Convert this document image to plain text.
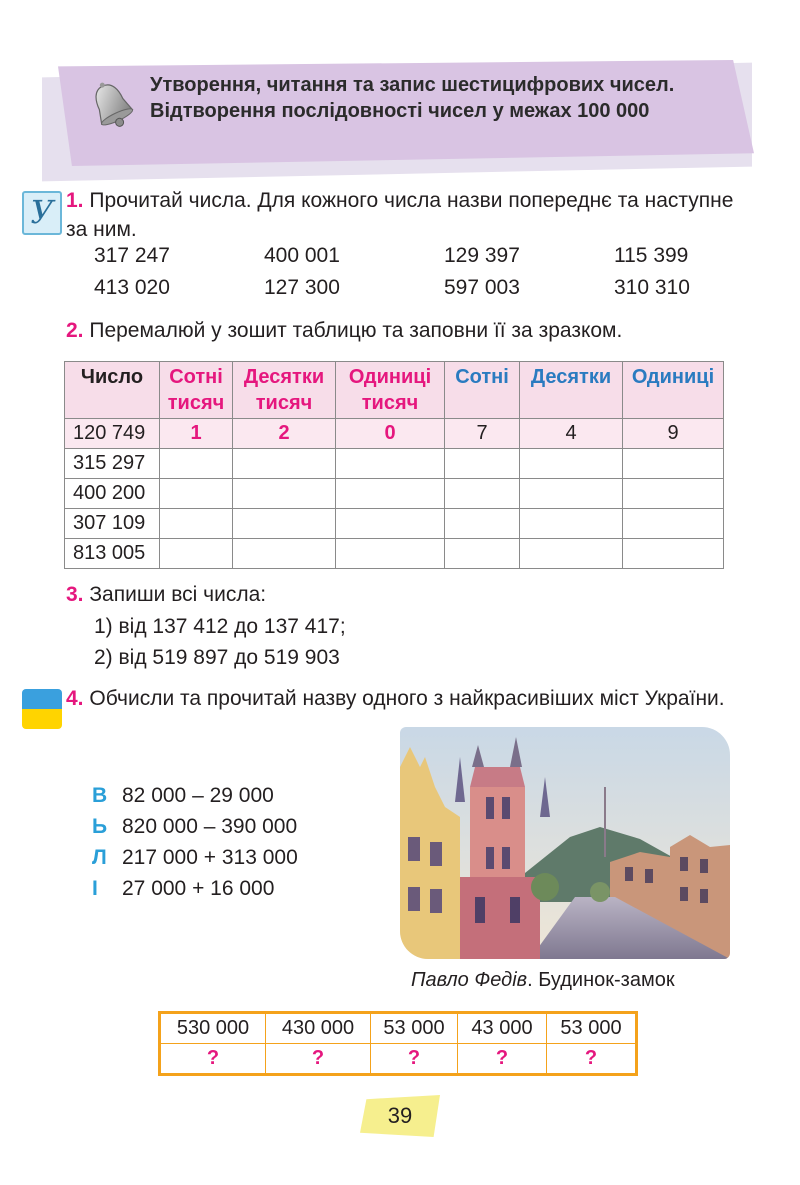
Утворення, читання та запис шестицифрових чисел. Відтворення послідовності чисел у межах 100 000
У 1. Прочитай числа. Для кожного числа назви попереднє та наступне за ним.
317 247	400 001	129 397	115 399
413 020	127 300	597 003	310 310
2. Перемалюй у зошит таблицю та заповни її за зразком.
Число	Сотні тисяч	Десятки тисяч	Одиниці тисяч	Сотні	Десятки	Одиниці
120 749	1	2	0	7	4	9
315 297						
400 200						
307 109						
813 005						
3. Запиши всі числа:
1) від 137 412 до 137 417;
2) від 519 897 до 519 903
4. Обчисли та прочитай назву одного з найкрасивіших міст України.
В 82 000 – 29 000
Ь 820 000 – 390 000
Л 217 000 + 313 000
І 27 000 + 16 000
Павло Федів. Будинок-замок
530 000	430 000	53 000	43 000	53 000
?	?	?	?	?
39
